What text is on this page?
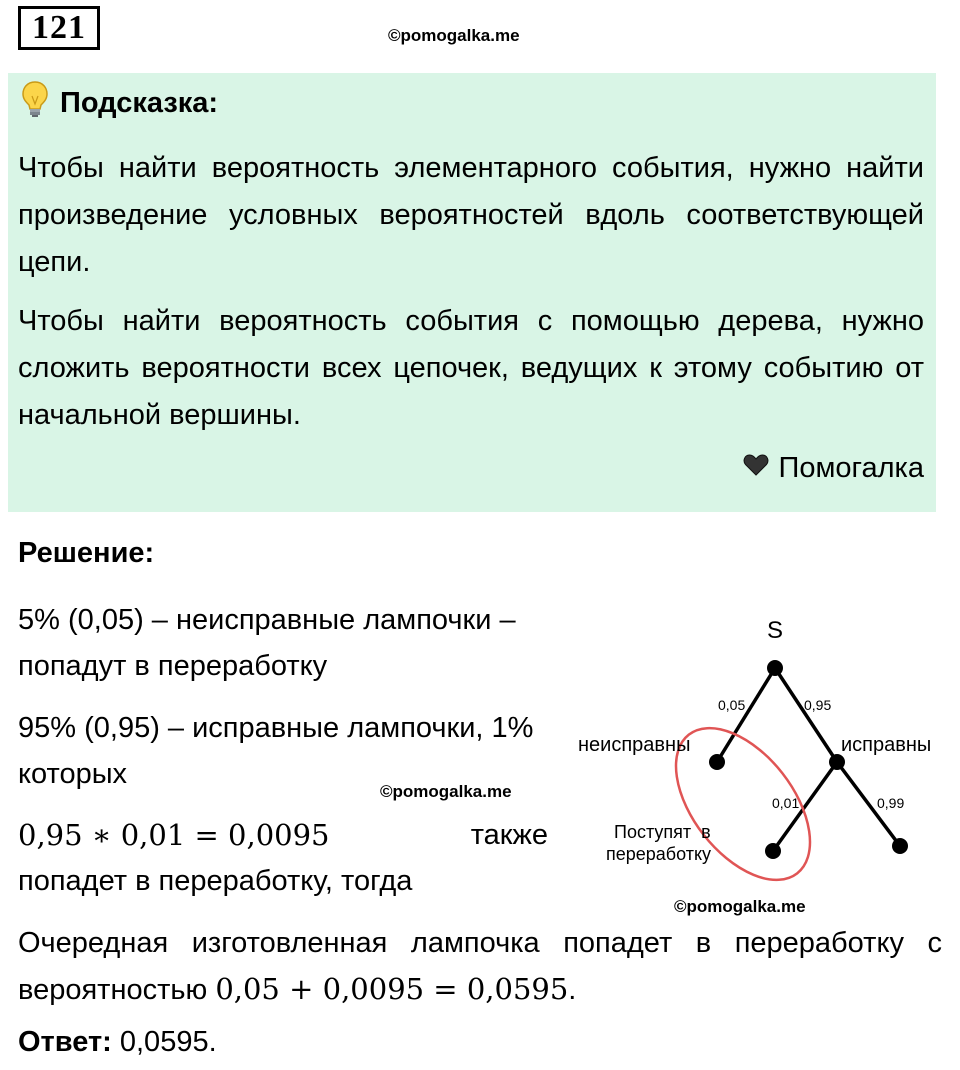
121	©pomogalka.me
Подсказка:

Чтобы найти вероятность элементарного события, нужно найти произведение условных вероятностей вдоль соответствующей цепи.

Чтобы найти вероятность события с помощью дерева, нужно сложить вероятности всех цепочек, ведущих к этому событию от начальной вершины.

Помогалка
Решение:

5% (0,05) – неисправные лампочки – попадут в переработку

95% (0,95) – исправные лампочки, 1% которых

©pomogalka.me
0,95 ∗ 0,01 = 0,0095	также

попадет в переработку, тогда

Очередная изготовленная лампочка попадет в переработку с вероятностью 0,05 + 0,0095 = 0,0595.

Ответ: 0,0595.
S
0,05	0,95
неисправны	исправны
0,01	0,99
Поступят  в
переработку
©pomogalka.me
